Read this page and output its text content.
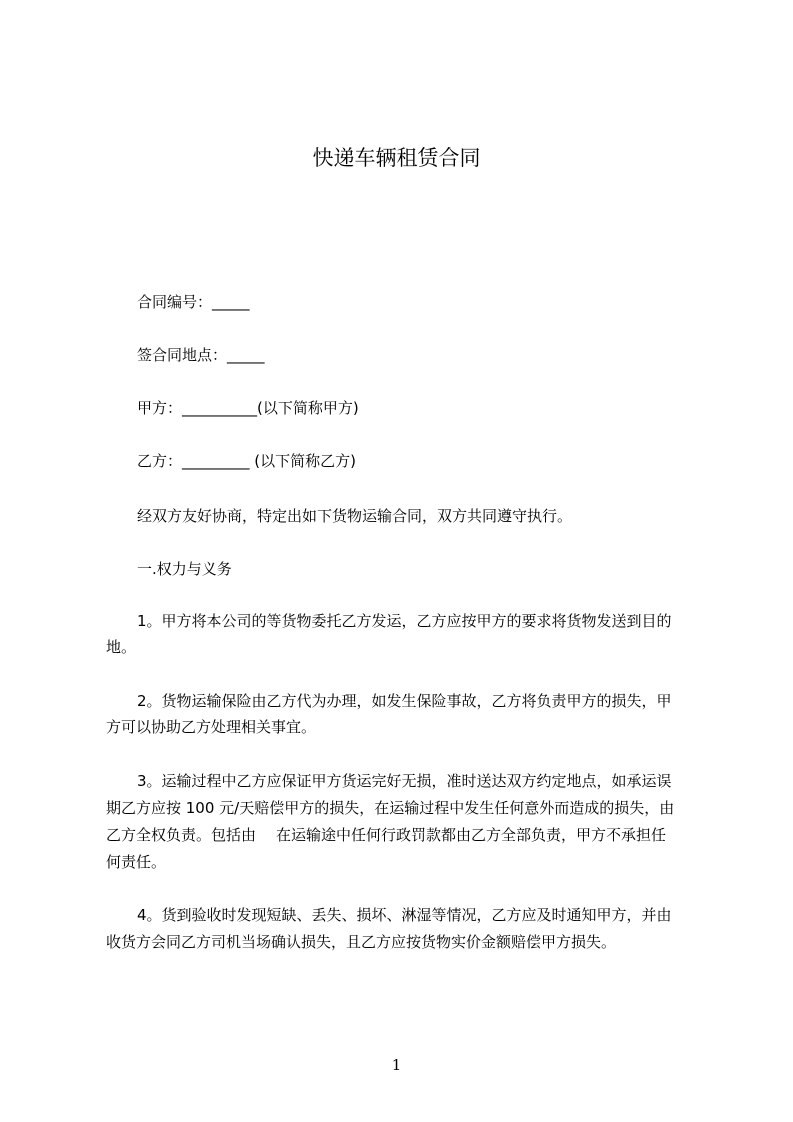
快递车辆租赁合同

合同编号：_____

签合同地点：_____

甲方：__________(以下简称甲方)

乙方：_________ (以下简称乙方)

经双方友好协商，特定出如下货物运输合同，双方共同遵守执行。

一.权力与义务

1。甲方将本公司的等货物委托乙方发运，乙方应按甲方的要求将货物发送到目的

地。

2。货物运输保险由乙方代为办理，如发生保险事故，乙方将负责甲方的损失，甲

方可以协助乙方处理相关事宜。

3。运输过程中乙方应保证甲方货运完好无损，准时送达双方约定地点，如承运误

期乙方应按 100 元/天赔偿甲方的损失，在运输过程中发生任何意外而造成的损失，由

乙方全权负责。包括由 在运输途中任何行政罚款都由乙方全部负责，甲方不承担任

何责任。

4。货到验收时发现短缺、丢失、损坏、淋湿等情况，乙方应及时通知甲方，并由

收货方会同乙方司机当场确认损失，且乙方应按货物实价金额赔偿甲方损失。

1
